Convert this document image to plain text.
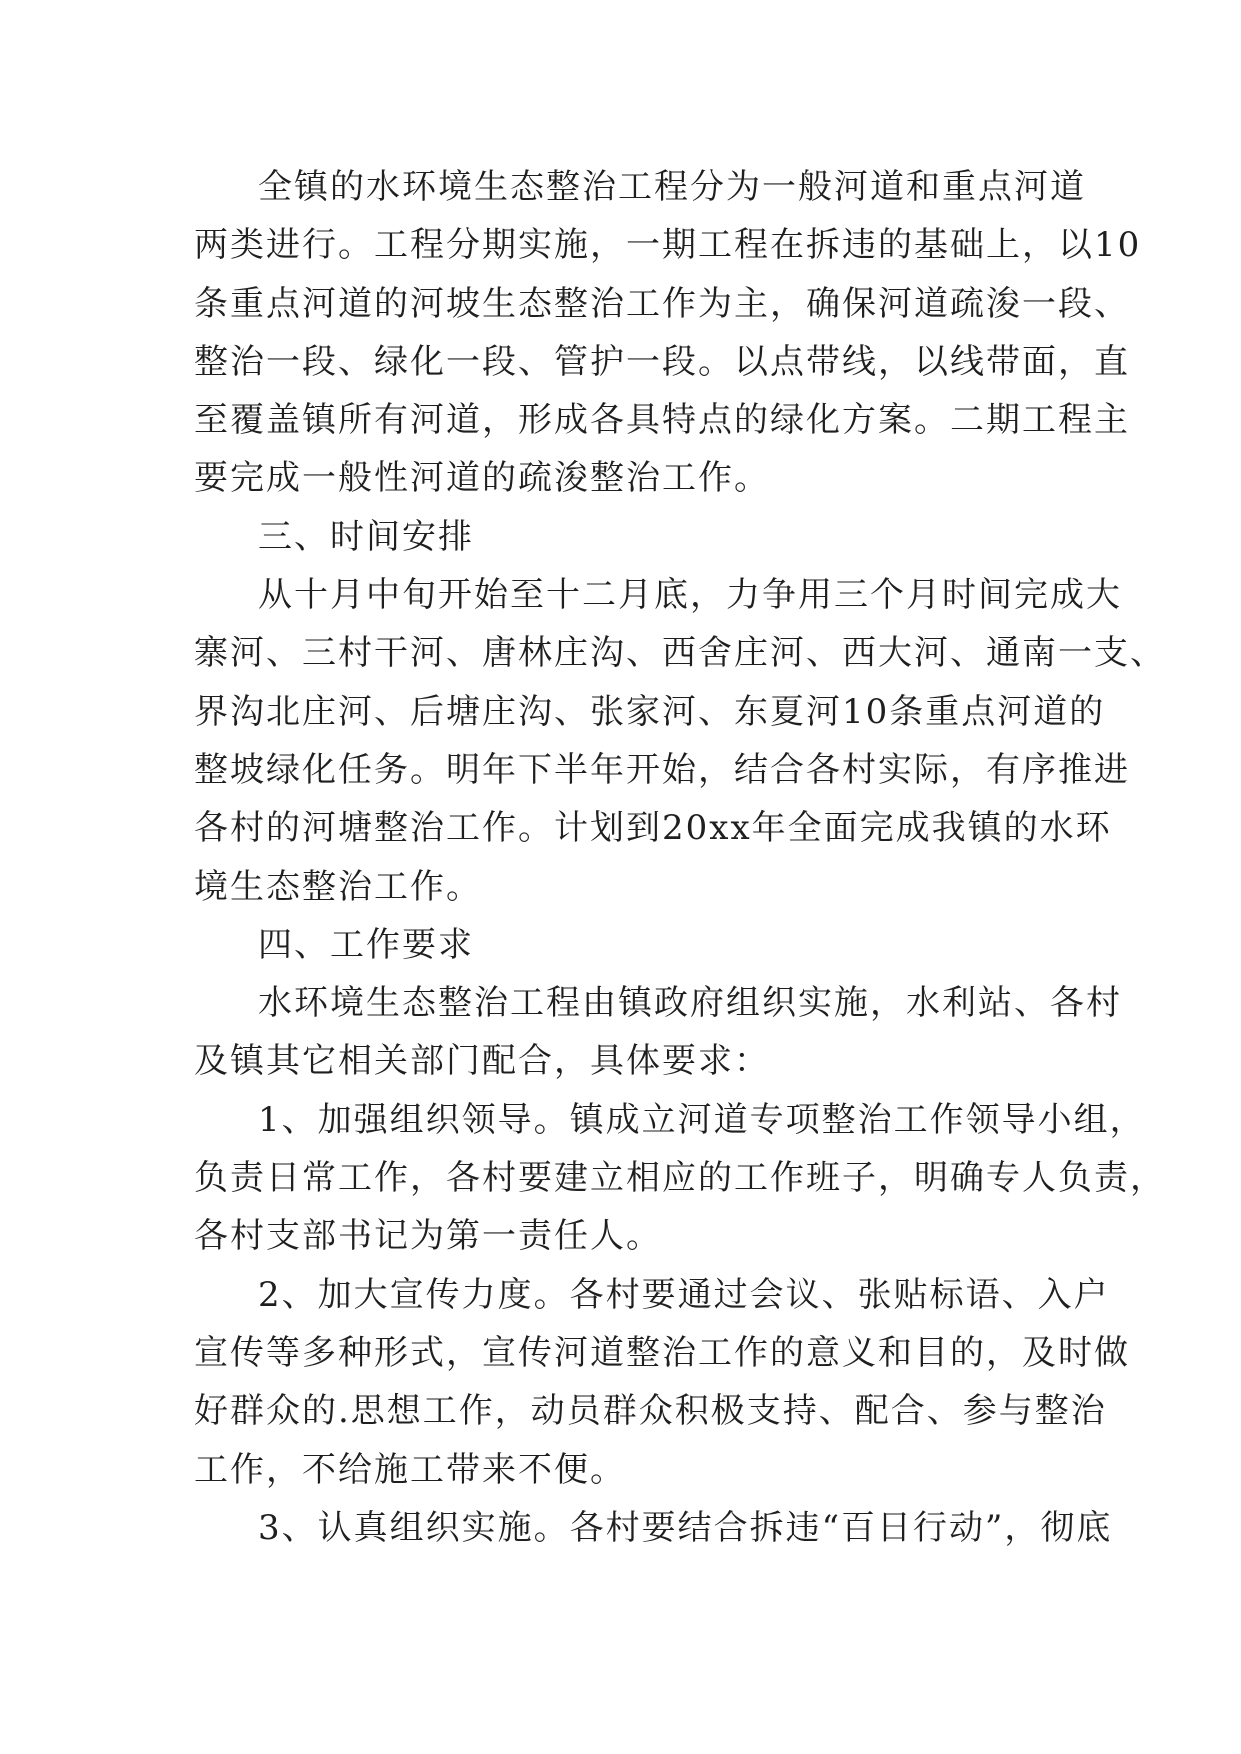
全镇的水环境生态整治工程分为一般河道和重点河道
两类进行。工程分期实施，一期工程在拆违的基础上，以10
条重点河道的河坡生态整治工作为主，确保河道疏浚一段、
整治一段、绿化一段、管护一段。以点带线，以线带面，直
至覆盖镇所有河道，形成各具特点的绿化方案。二期工程主
要完成一般性河道的疏浚整治工作。
三、时间安排
从十月中旬开始至十二月底，力争用三个月时间完成大
寨河、三村干河、唐林庄沟、西舍庄河、西大河、通南一支、
界沟北庄河、后塘庄沟、张家河、东夏河10条重点河道的
整坡绿化任务。明年下半年开始，结合各村实际，有序推进
各村的河塘整治工作。计划到20xx年全面完成我镇的水环
境生态整治工作。
四、工作要求
水环境生态整治工程由镇政府组织实施，水利站、各村
及镇其它相关部门配合，具体要求：
1、加强组织领导。镇成立河道专项整治工作领导小组，
负责日常工作，各村要建立相应的工作班子，明确专人负责，
各村支部书记为第一责任人。
2、加大宣传力度。各村要通过会议、张贴标语、入户
宣传等多种形式，宣传河道整治工作的意义和目的，及时做
好群众的.思想工作，动员群众积极支持、配合、参与整治
工作，不给施工带来不便。
3、认真组织实施。各村要结合拆违“百日行动”，彻底
